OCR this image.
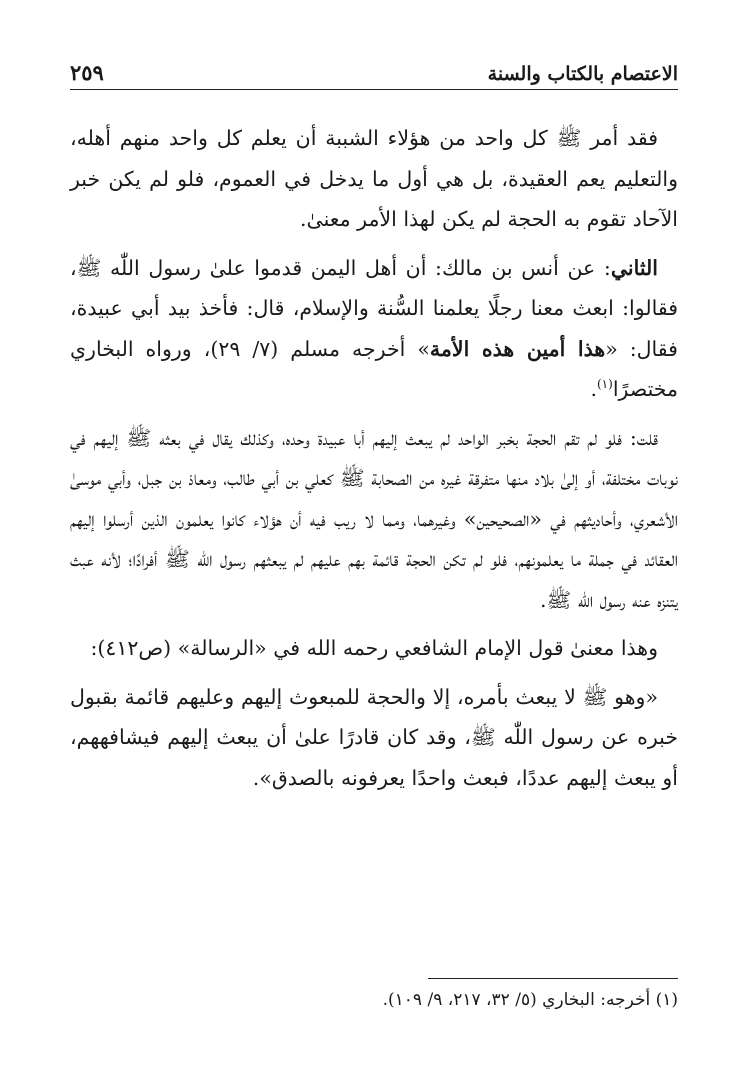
الاعتصام بالكتاب والسنة
٢٥٩

فقد أمر ﷺ كل واحد من هؤلاء الشببة أن يعلم كل واحد منهم أهله، والتعليم يعم العقيدة، بل هي أول ما يدخل في العموم، فلو لم يكن خبر الآحاد تقوم به الحجة لم يكن لهذا الأمر معنىٰ.

الثاني: عن أنس بن مالك: أن أهل اليمن قدموا علىٰ رسول اللّٰه ﷺ، فقالوا: ابعث معنا رجلًا يعلمنا السُّنة والإسلام، قال: فأخذ بيد أبي عبيدة، فقال: «هذا أمين هذه الأمة» أخرجه مسلم (٧/ ٢٩)، ورواه البخاري مختصرًا$^{(١)}$.

قلت: فلو لم تقم الحجة بخبر الواحد لم يبعث إليهم أبا عبيدة وحده، وكذلك يقال في بعثه ﷺ إليهم في نوبات مختلفة، أو إلىٰ بلاد منها متفرقة غيره من الصحابة ﷺ كعلي بن أبي طالب، ومعاذ بن جبل، وأبي موسىٰ الأشعري، وأحاديثهم في «الصحيحين» وغيرهما، ومما لا ريب فيه أن هؤلاء كانوا يعلمون الذين أرسلوا إليهم العقائد في جملة ما يعلمونهم، فلو لم تكن الحجة قائمة بهم عليهم لم يبعثهم رسول اللّٰه ﷺ أفرادًا؛ لأنه عبث يتنزه عنه رسول اللّٰه ﷺ.

وهذا معنىٰ قول الإمام الشافعي رحمه الله في «الرسالة» (ص٤١٢):

«وهو ﷺ لا يبعث بأمره، إلا والحجة للمبعوث إليهم وعليهم قائمة بقبول خبره عن رسول اللّٰه ﷺ، وقد كان قادرًا علىٰ أن يبعث إليهم فيشافههم، أو يبعث إليهم عددًا، فبعث واحدًا يعرفونه بالصدق».

(١) أخرجه: البخاري (٥/ ٣٢، ٢١٧، ٩/ ١٠٩).
